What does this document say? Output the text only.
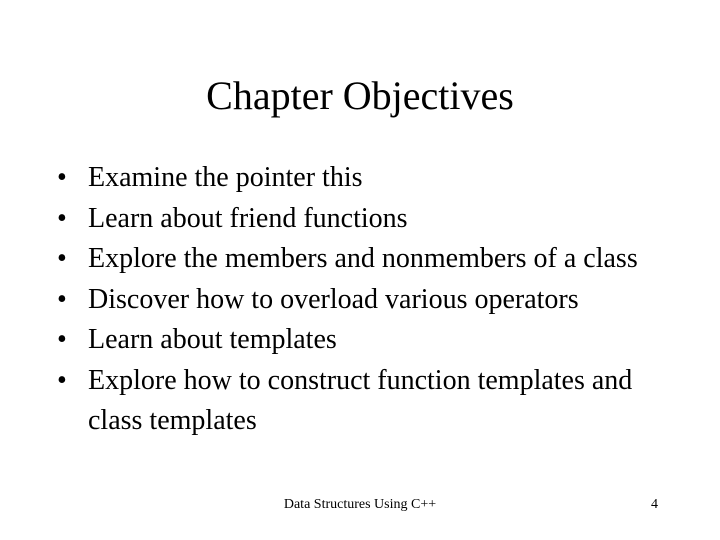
Chapter Objectives
• Examine the pointer this
• Learn about friend functions
• Explore the members and nonmembers of a class
• Discover how to overload various operators
• Learn about templates
• Explore how to construct function templates and class templates
Data Structures Using C++	4
